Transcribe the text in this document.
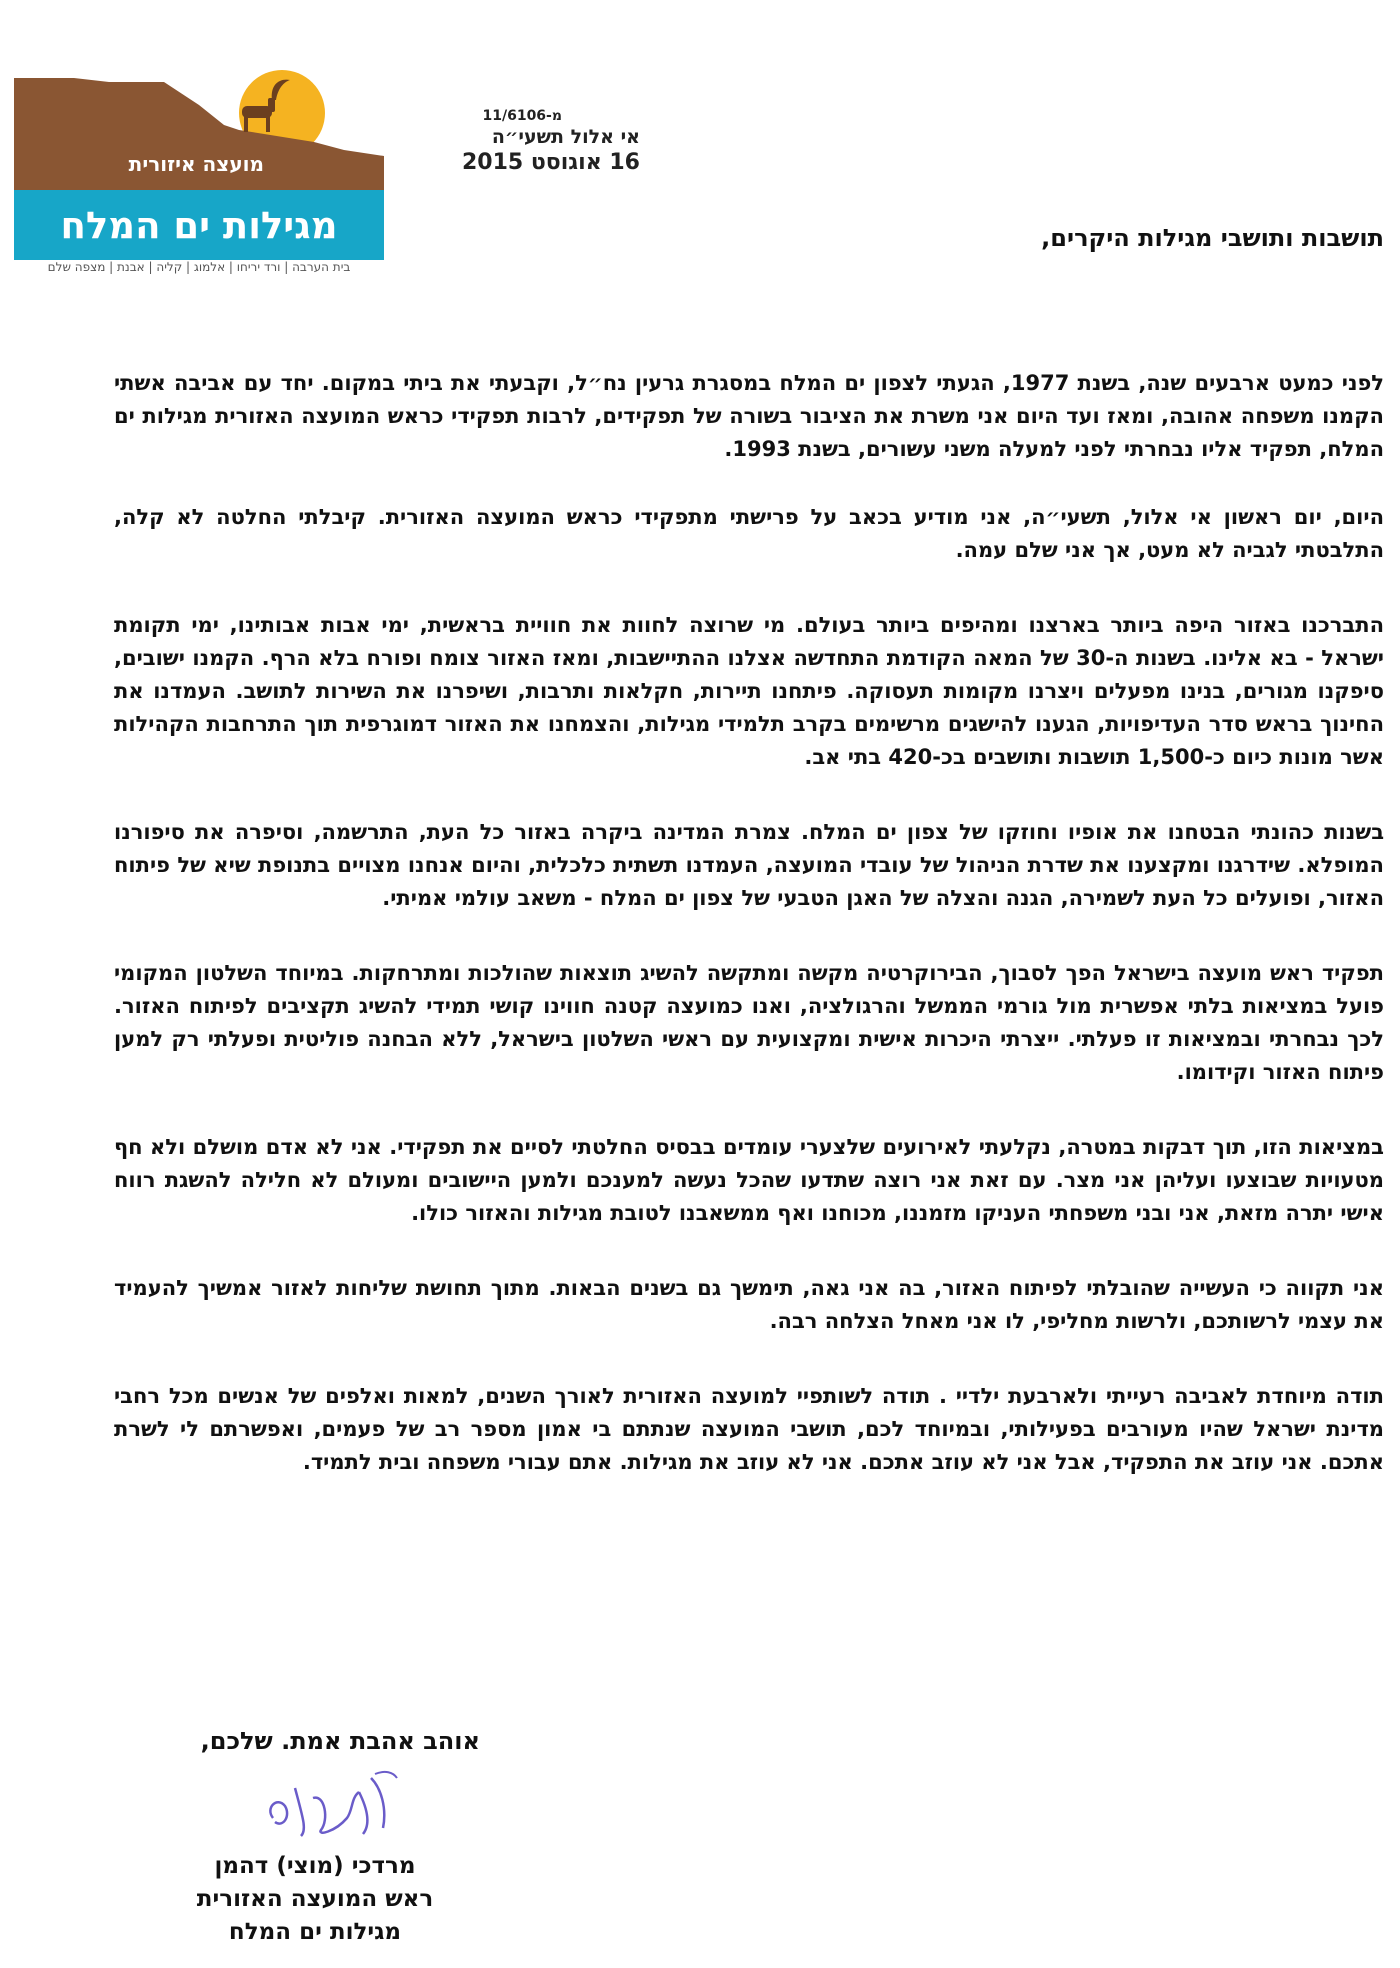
מועצה איזורית
מגילות ים המלח
בית הערבה | ורד יריחו | אלמוג | קליה | אבנת | מצפה שלם
מ-11/6106
אי אלול תשעי״ה
16 אוגוסט 2015
תושבות ותושבי מגילות היקרים,

לפני כמעט ארבעים שנה, בשנת 1977, הגעתי לצפון ים המלח במסגרת גרעין נח״ל, וקבעתי את ביתי במקום. יחד עם אביבה אשתי הקמנו משפחה אהובה, ומאז ועד היום אני משרת את הציבור בשורה של תפקידים, לרבות תפקידי כראש המועצה האזורית מגילות ים המלח, תפקיד אליו נבחרתי לפני למעלה משני עשורים, בשנת 1993.

היום, יום ראשון אי אלול, תשעי״ה, אני מודיע בכאב על פרישתי מתפקידי כראש המועצה האזורית. קיבלתי החלטה לא קלה, התלבטתי לגביה לא מעט, אך אני שלם עמה.

התברכנו באזור היפה ביותר בארצנו ומהיפים ביותר בעולם. מי שרוצה לחוות את חוויית בראשית, ימי אבות אבותינו, ימי תקומת ישראל - בא אלינו. בשנות ה-30 של המאה הקודמת התחדשה אצלנו ההתיישבות, ומאז האזור צומח ופורח בלא הרף. הקמנו ישובים, סיפקנו מגורים, בנינו מפעלים ויצרנו מקומות תעסוקה. פיתחנו תיירות, חקלאות ותרבות, ושיפרנו את השירות לתושב. העמדנו את החינוך בראש סדר העדיפויות, הגענו להישגים מרשימים בקרב תלמידי מגילות, והצמחנו את האזור דמוגרפית תוך התרחבות הקהילות אשר מונות כיום כ-1,500 תושבות ותושבים בכ-420 בתי אב.

בשנות כהונתי הבטחנו את אופיו וחוזקו של צפון ים המלח. צמרת המדינה ביקרה באזור כל העת, התרשמה, וסיפרה את סיפורנו המופלא. שידרגנו ומקצענו את שדרת הניהול של עובדי המועצה, העמדנו תשתית כלכלית, והיום אנחנו מצויים בתנופת שיא של פיתוח האזור, ופועלים כל העת לשמירה, הגנה והצלה של האגן הטבעי של צפון ים המלח - משאב עולמי אמיתי.

תפקיד ראש מועצה בישראל הפך לסבוך, הבירוקרטיה מקשה ומתקשה להשיג תוצאות שהולכות ומתרחקות. במיוחד השלטון המקומי פועל במציאות בלתי אפשרית מול גורמי הממשל והרגולציה, ואנו כמועצה קטנה חווינו קושי תמידי להשיג תקציבים לפיתוח האזור. לכך נבחרתי ובמציאות זו פעלתי. ייצרתי היכרות אישית ומקצועית עם ראשי השלטון בישראל, ללא הבחנה פוליטית ופעלתי רק למען פיתוח האזור וקידומו.

במציאות הזו, תוך דבקות במטרה, נקלעתי לאירועים שלצערי עומדים בבסיס החלטתי לסיים את תפקידי. אני לא אדם מושלם ולא חף מטעויות שבוצעו ועליהן אני מצר. עם זאת אני רוצה שתדעו שהכל נעשה למענכם ולמען היישובים ומעולם לא חלילה להשגת רווח אישי יתרה מזאת, אני ובני משפחתי העניקו מזמננו, מכוחנו ואף ממשאבנו לטובת מגילות והאזור כולו.

אני תקווה כי העשייה שהובלתי לפיתוח האזור, בה אני גאה, תימשך גם בשנים הבאות. מתוך תחושת שליחות לאזור אמשיך להעמיד את עצמי לרשותכם, ולרשות מחליפי, לו אני מאחל הצלחה רבה.

תודה מיוחדת לאביבה רעייתי ולארבעת ילדיי . תודה לשותפיי למועצה האזורית לאורך השנים, למאות ואלפים של אנשים מכל רחבי מדינת ישראל שהיו מעורבים בפעילותי, ובמיוחד לכם, תושבי המועצה שנתתם בי אמון מספר רב של פעמים, ואפשרתם לי לשרת אתכם. אני עוזב את התפקיד, אבל אני לא עוזב אתכם. אני לא עוזב את מגילות. אתם עבורי משפחה ובית לתמיד.

אוהב אהבת אמת. שלכם,
מרדכי (מוצי) דהמן
ראש המועצה האזורית
מגילות ים המלח
